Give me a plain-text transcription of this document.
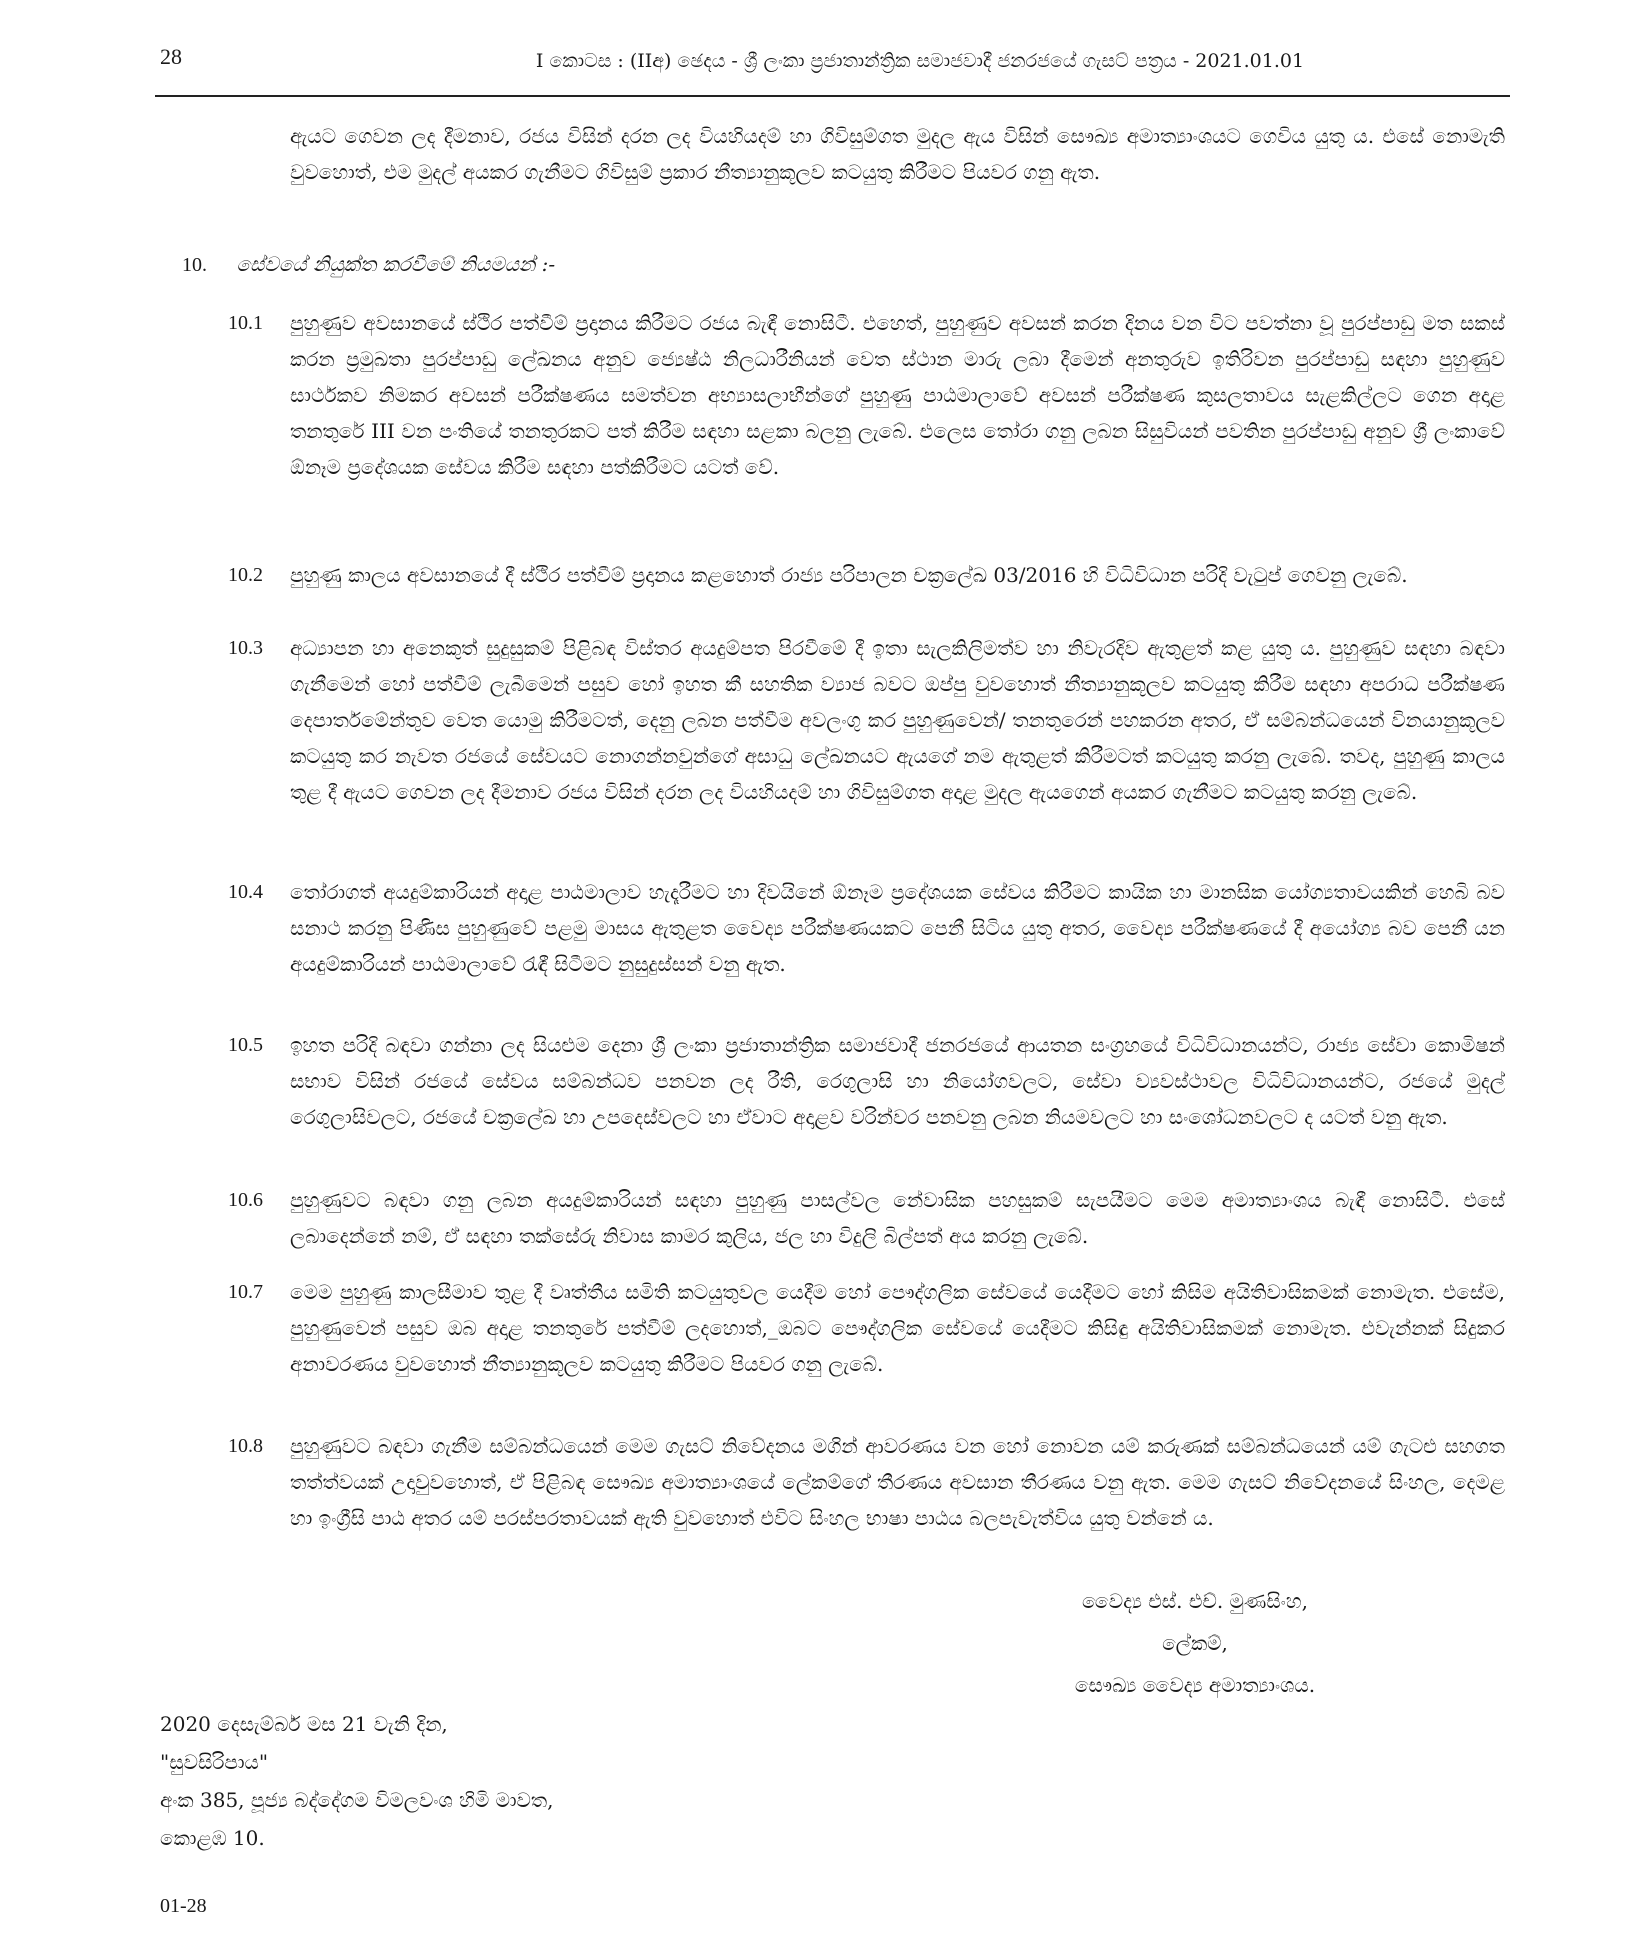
28	I කොටස : (IIඅ) ඡෙදය - ශ්‍රී ලංකා ප්‍රජාතාන්ත්‍රික සමාජවාදී ජනරජයේ ගැසට් පත්‍රය - 2021.01.01
ඇයට ගෙවන ලද දීමනාව, රජය විසින් දරන ලද වියහියදම් හා ගිවිසුම්ගත මුදල ඇය විසින් සෞඛ්‍ය අමාත්‍යාංශයට ගෙවිය යුතු ය. එසේ නොමැති වුවහොත්, එම මුදල් අයකර ගැනීමට ගිවිසුම් ප්‍රකාර නීත්‍යානුකූලව කටයුතු කිරීමට පියවර ගනු ඇත.
10. සේවයේ නියුක්ත කරවීමේ නියමයන් :-
10.1 පුහුණුව අවසානයේ ස්ථිර පත්වීම් ප්‍රදානය කිරීමට රජය බැඳී නොසිටී. එහෙත්, පුහුණුව අවසන් කරන දිනය වන විට පවත්නා වූ පුරප්පාඩු මත සකස් කරන ප්‍රමුඛතා පුරප්පාඩු ලේඛනය අනුව ජ්‍යෙෂ්ඨ නිලධාරීනියන් වෙත ස්ථාන මාරු ලබා දීමෙන් අනතුරුව ඉතිරිවන පුරප්පාඩු සඳහා පුහුණුව සාර්ථකව නිමකර අවසන් පරීක්ෂණය සමත්වන අභ්‍යාසලාභීන්ගේ පුහුණු පාඨමාලාවේ අවසන් පරීක්ෂණ කුසලතාවය සැළකිල්ලට ගෙන අදාළ තනතුරේ III වන පංතියේ තනතුරකට පත් කිරීම සඳහා සළකා බලනු ලැබේ. එලෙස තෝරා ගනු ලබන සිසුවියන් පවතින පුරප්පාඩු අනුව ශ්‍රී ලංකාවේ ඕනෑම ප්‍රදේශයක සේවය කිරීම සඳහා පත්කිරීමට යටත් වේ.
10.2 පුහුණු කාලය අවසානයේ දී ස්ථිර පත්වීම් ප්‍රදානය කළහොත් රාජ්‍ය පරිපාලන චක්‍රලේඛ 03/2016 හි විධිවිධාන පරිදි වැටුප් ගෙවනු ලැබේ.
10.3 අධ්‍යාපන හා අනෙකුත් සුදුසුකම් පිළිබඳ විස්තර අයදුම්පත පිරවීමේ දී ඉතා සැලකිලිමත්ව හා නිවැරදිව ඇතුළත් කළ යුතු ය. පුහුණුව සඳහා බඳවා ගැනීමෙන් හෝ පත්වීම් ලැබීමෙන් පසුව හෝ ඉහත කී සහතික ව්‍යාජ බවට ඔප්පු වුවහොත් නීත්‍යානුකූලව කටයුතු කිරීම සඳහා අපරාධ පරීක්ෂණ දෙපාර්තමේන්තුව වෙත යොමු කිරීමටත්, දෙනු ලබන පත්වීම අවලංගු කර පුහුණුවෙන්/ තනතුරෙන් පහකරන අතර, ඒ සම්බන්ධයෙන් විනයානුකූලව කටයුතු කර නැවත රජයේ සේවයට නොගන්නවුන්ගේ අසාධු ලේඛනයට ඇයගේ නම ඇතුළත් කිරීමටත් කටයුතු කරනු ලැබේ. තවද, පුහුණු කාලය තුළ දී ඇයට ගෙවන ලද දීමනාව රජය විසින් දරන ලද වියහියදම් හා ගිවිසුම්ගත අදාළ මුදල ඇයගෙන් අයකර ගැනීමට කටයුතු කරනු ලැබේ.
10.4 තෝරාගත් අයදුම්කාරියන් අදාළ පාඨමාලාව හැදෑරීමට හා දිවයිනේ ඕනෑම ප්‍රදේශයක සේවය කිරීමට කායික හා මානසික යෝග්‍යතාවයකින් හෙබි බව සනාථ කරනු පිණිස පුහුණුවේ පළමු මාසය ඇතුළත වෛද්‍ය පරීක්ෂණයකට පෙනී සිටිය යුතු අතර, වෛද්‍ය පරීක්ෂණයේ දී අයෝග්‍ය බව පෙනී යන අයදුම්කාරියන් පාඨමාලාවේ රැඳී සිටීමට නුසුදුස්සන් වනු ඇත.
10.5 ඉහත පරිදි බඳවා ගන්නා ලද සියළුම දෙනා ශ්‍රී ලංකා ප්‍රජාතාන්ත්‍රික සමාජවාදී ජනරජයේ ආයතන සංග්‍රහයේ විධිවිධානයන්ට, රාජ්‍ය සේවා කොමිෂන් සභාව විසින් රජයේ සේවය සම්බන්ධව පනවන ලද රීති, රෙගුලාසි හා නියෝගවලට, සේවා ව්‍යවස්ථාවල විධිවිධානයන්ට, රජයේ මුදල් රෙගුලාසිවලට, රජයේ චක්‍රලේඛ හා උපදෙස්වලට හා ඒවාට අදාළව වරින්වර පනවනු ලබන නියමවලට හා සංශෝධනවලට ද යටත් වනු ඇත.
10.6 පුහුණුවට බඳවා ගනු ලබන අයදුම්කාරියන් සඳහා පුහුණු පාසල්වල නේවාසික පහසුකම් සැපයීමට මෙම අමාත්‍යාංශය බැඳී නොසිටී. එසේ ලබාදෙන්නේ නම්, ඒ සඳහා තක්සේරු නිවාස කාමර කුලිය, ජල හා විදුලි බිල්පත් අය කරනු ලැබේ.
10.7 මෙම පුහුණු කාලසීමාව තුළ දී වෘත්තීය සමිති කටයුතුවල යෙදීම හෝ පෞද්ගලික සේවයේ යෙදීමට හෝ කිසිම අයිතිවාසිකමක් නොමැත. එසේම, පුහුණුවෙන් පසුව ඔබ අදාළ තනතුරේ පත්වීම් ලදහොත්,_ඔබට පෞද්ගලික සේවයේ යෙදීමට කිසිඳු අයිතිවාසිකමක් නොමැත. එවැන්නක් සිදුකර අනාවරණය වුවහොත් නීත්‍යානුකූලව කටයුතු කිරීමට පියවර ගනු ලැබේ.
10.8 පුහුණුවට බඳවා ගැනීම සම්බන්ධයෙන් මෙම ගැසට් නිවේදනය මගින් ආවරණය වන හෝ නොවන යම් කරුණක් සම්බන්ධයෙන් යම් ගැටළු සහගත තත්ත්වයක් උදාවුවහොත්, ඒ පිළිබඳ සෞඛ්‍ය අමාත්‍යාංශයේ ලේකම්ගේ තීරණය අවසාන තීරණය වනු ඇත. මෙම ගැසට් නිවේදනයේ සිංහල, දෙමළ හා ඉංග්‍රීසි පාඨ අතර යම් පරස්පරතාවයක් ඇති වුවහොත් එවිට සිංහල භාෂා පාඨය බලපැවැත්විය යුතු වන්නේ ය.
වෛද්‍ය එස්. එච්. මුණසිංහ,
ලේකම්,
සෞඛ්‍ය වෛද්‍ය අමාත්‍යාංශය.
2020 දෙසැම්බර් මස 21 වැනි දින,
"සුවසිරිපාය"
අංක 385, පූජ්‍ය බද්දේගම විමලවංශ හිමි මාවත,
කොළඹ 10.
01-28
